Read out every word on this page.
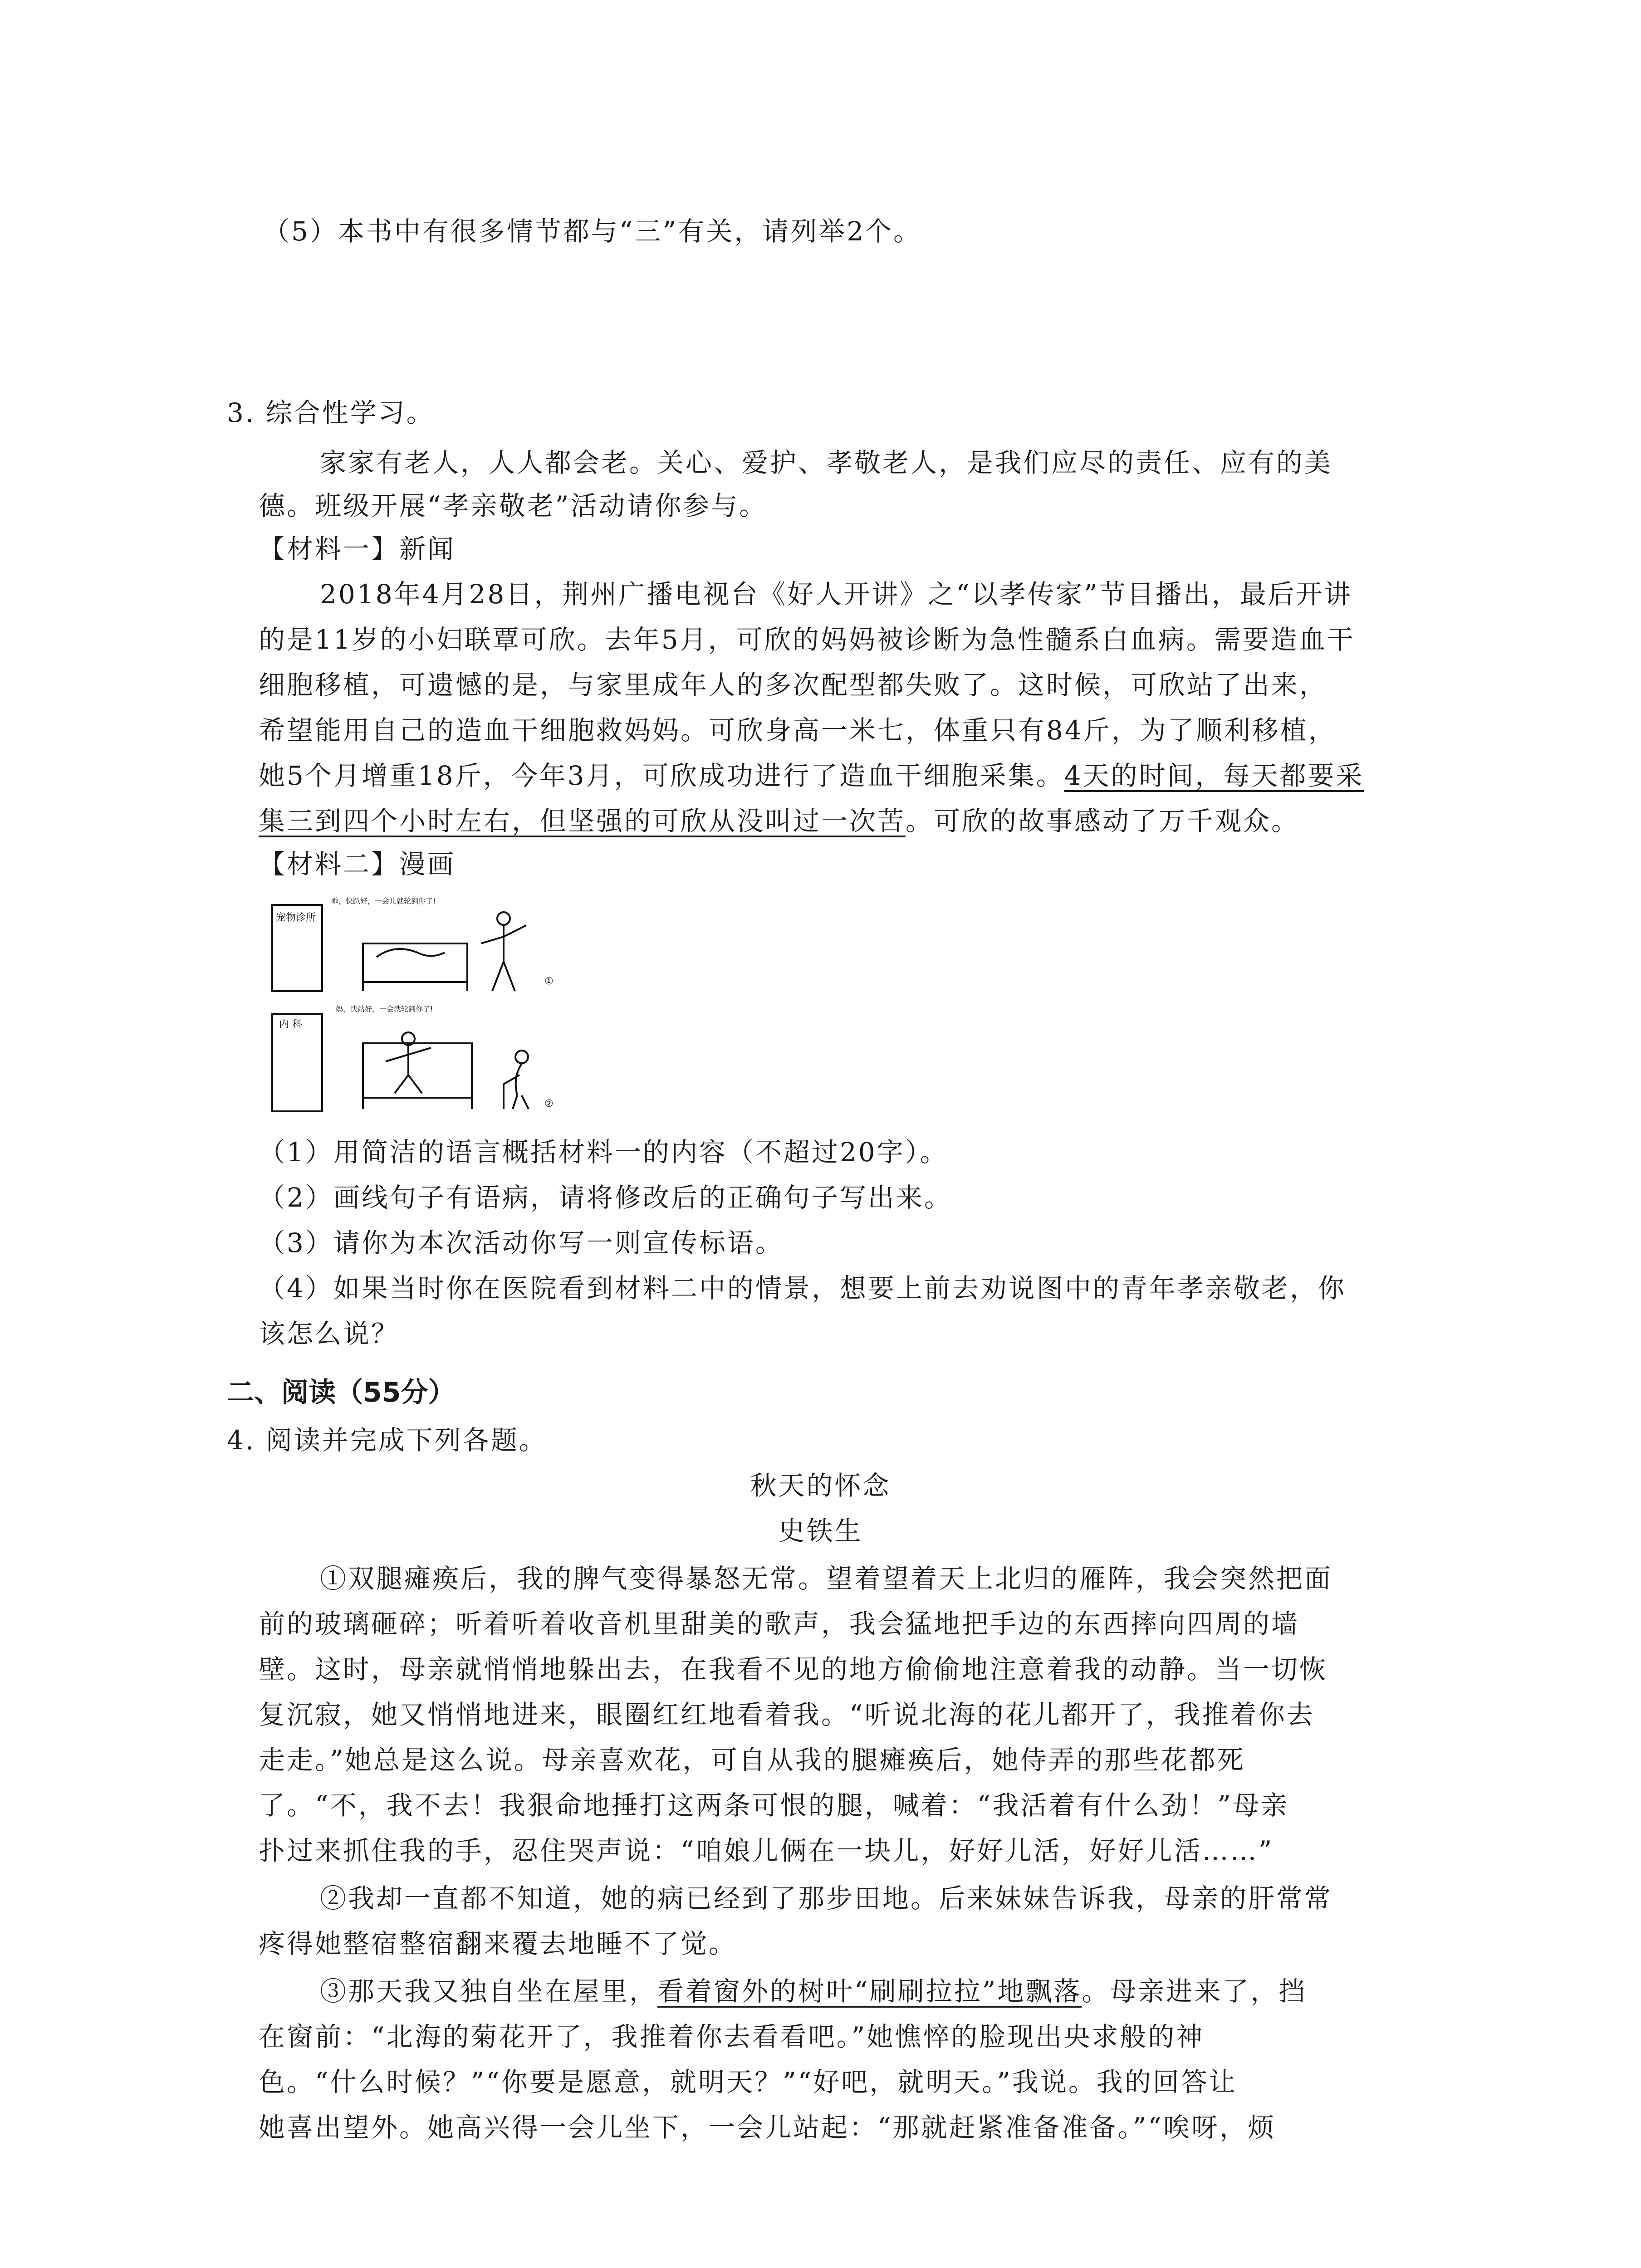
（5）本书中有很多情节都与“三”有关，请列举2个。
3. 综合性学习。
家家有老人，人人都会老。关心、爱护、孝敬老人，是我们应尽的责任、应有的美
德。班级开展“孝亲敬老”活动请你参与。
【材料一】新闻
2018年4月28日，荆州广播电视台《好人开讲》之“以孝传家”节目播出，最后开讲
的是11岁的小妇联覃可欣。去年5月，可欣的妈妈被诊断为急性髓系白血病。需要造血干
细胞移植，可遗憾的是，与家里成年人的多次配型都失败了。这时候，可欣站了出来，
希望能用自己的造血干细胞救妈妈。可欣身高一米七，体重只有84斤，为了顺利移植，
她5个月增重18斤，今年3月，可欣成功进行了造血干细胞采集。4天的时间，每天都要采
集三到四个小时左右，但坚强的可欣从没叫过一次苦。可欣的故事感动了万千观众。
【材料二】漫画
宠物诊所
乖，快趴好，一会儿就轮到你了!
①
内 科
妈，快站好，一会就轮到你了!
②
（1）用简洁的语言概括材料一的内容（不超过20字）。
（2）画线句子有语病，请将修改后的正确句子写出来。
（3）请你为本次活动你写一则宣传标语。
（4）如果当时你在医院看到材料二中的情景，想要上前去劝说图中的青年孝亲敬老，你
该怎么说？
二、阅读（55分）
4. 阅读并完成下列各题。
秋天的怀念
史铁生
①双腿瘫痪后，我的脾气变得暴怒无常。望着望着天上北归的雁阵，我会突然把面
前的玻璃砸碎；听着听着收音机里甜美的歌声，我会猛地把手边的东西摔向四周的墙
壁。这时，母亲就悄悄地躲出去，在我看不见的地方偷偷地注意着我的动静。当一切恢
复沉寂，她又悄悄地进来，眼圈红红地看着我。“听说北海的花儿都开了，我推着你去
走走。”她总是这么说。母亲喜欢花，可自从我的腿瘫痪后，她侍弄的那些花都死
了。“不，我不去！我狠命地捶打这两条可恨的腿，喊着：“我活着有什么劲！”母亲
扑过来抓住我的手，忍住哭声说：“咱娘儿俩在一块儿，好好儿活，好好儿活……”
②我却一直都不知道，她的病已经到了那步田地。后来妹妹告诉我，母亲的肝常常
疼得她整宿整宿翻来覆去地睡不了觉。
③那天我又独自坐在屋里，看着窗外的树叶“刷刷拉拉”地飘落。母亲进来了，挡
在窗前：“北海的菊花开了，我推着你去看看吧。”她憔悴的脸现出央求般的神
色。“什么时候？”“你要是愿意，就明天？”“好吧，就明天。”我说。我的回答让
她喜出望外。她高兴得一会儿坐下，一会儿站起：“那就赶紧准备准备。”“唉呀，烦
